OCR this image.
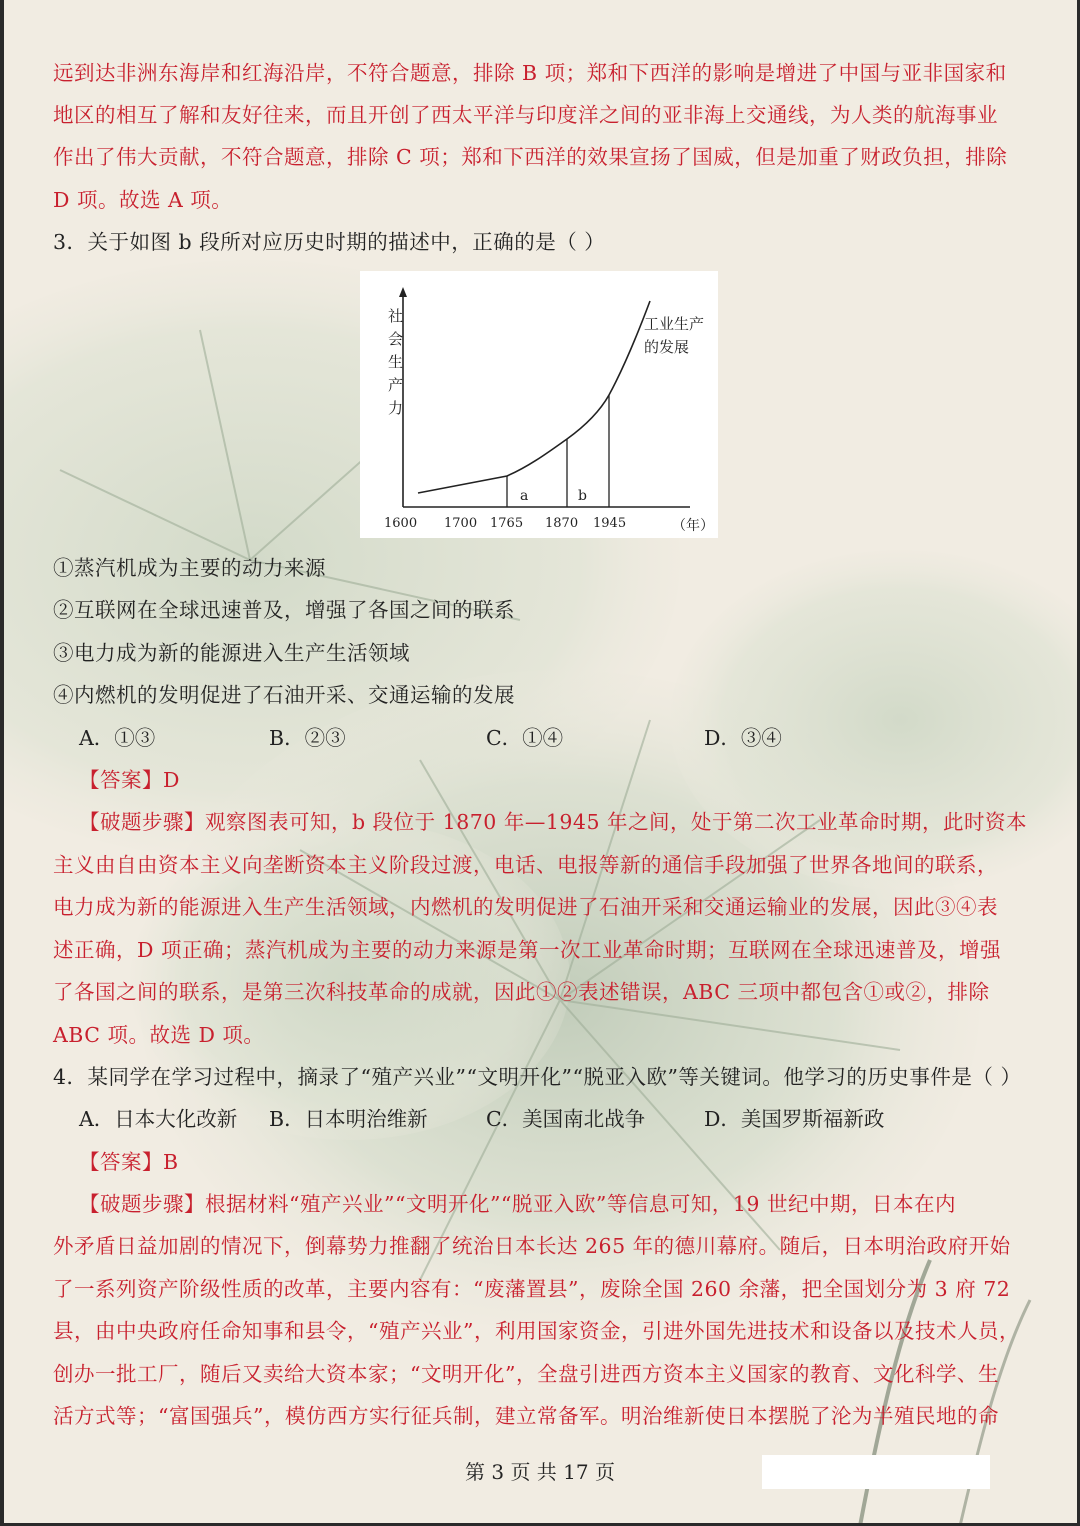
远到达非洲东海岸和红海沿岸，不符合题意，排除 B 项；郑和下西洋的影响是增进了中国与亚非国家和
地区的相互了解和友好往来，而且开创了西太平洋与印度洋之间的亚非海上交通线，为人类的航海事业
作出了伟大贡献，不符合题意，排除 C 项；郑和下西洋的效果宣扬了国威，但是加重了财政负担，排除
D 项。故选 A 项。
3．关于如图 b 段所对应历史时期的描述中，正确的是（ ）
社
会
生
产
力
a	b
工业生产
的发展
1600 1700 1765 1870 1945	（年）
①蒸汽机成为主要的动力来源
②互联网在全球迅速普及，增强了各国之间的联系
③电力成为新的能源进入生产生活领域
④内燃机的发明促进了石油开采、交通运输的发展
A．①③	B．②③	C．①④	D．③④
【答案】D
【破题步骤】观察图表可知，b 段位于 1870 年—1945 年之间，处于第二次工业革命时期，此时资本
主义由自由资本主义向垄断资本主义阶段过渡，电话、电报等新的通信手段加强了世界各地间的联系，
电力成为新的能源进入生产生活领域，内燃机的发明促进了石油开采和交通运输业的发展，因此③④表
述正确，D 项正确；蒸汽机成为主要的动力来源是第一次工业革命时期；互联网在全球迅速普及，增强
了各国之间的联系，是第三次科技革命的成就，因此①②表述错误，ABC 三项中都包含①或②，排除
ABC 项。故选 D 项。
4．某同学在学习过程中，摘录了“殖产兴业”“文明开化”“脱亚入欧”等关键词。他学习的历史事件是（ ）
A．日本大化改新 B．日本明治维新	C．美国南北战争	D．美国罗斯福新政
【答案】B
【破题步骤】根据材料“殖产兴业”“文明开化”“脱亚入欧”等信息可知，19 世纪中期，日本在内
外矛盾日益加剧的情况下，倒幕势力推翻了统治日本长达 265 年的德川幕府。随后，日本明治政府开始
了一系列资产阶级性质的改革，主要内容有：“废藩置县”，废除全国 260 余藩，把全国划分为 3 府 72
县，由中央政府任命知事和县令，“殖产兴业”，利用国家资金，引进外国先进技术和设备以及技术人员，
创办一批工厂，随后又卖给大资本家；“文明开化”，全盘引进西方资本主义国家的教育、文化科学、生
活方式等；“富国强兵”，模仿西方实行征兵制，建立常备军。明治维新使日本摆脱了沦为半殖民地的命
第 3 页 共 17 页
